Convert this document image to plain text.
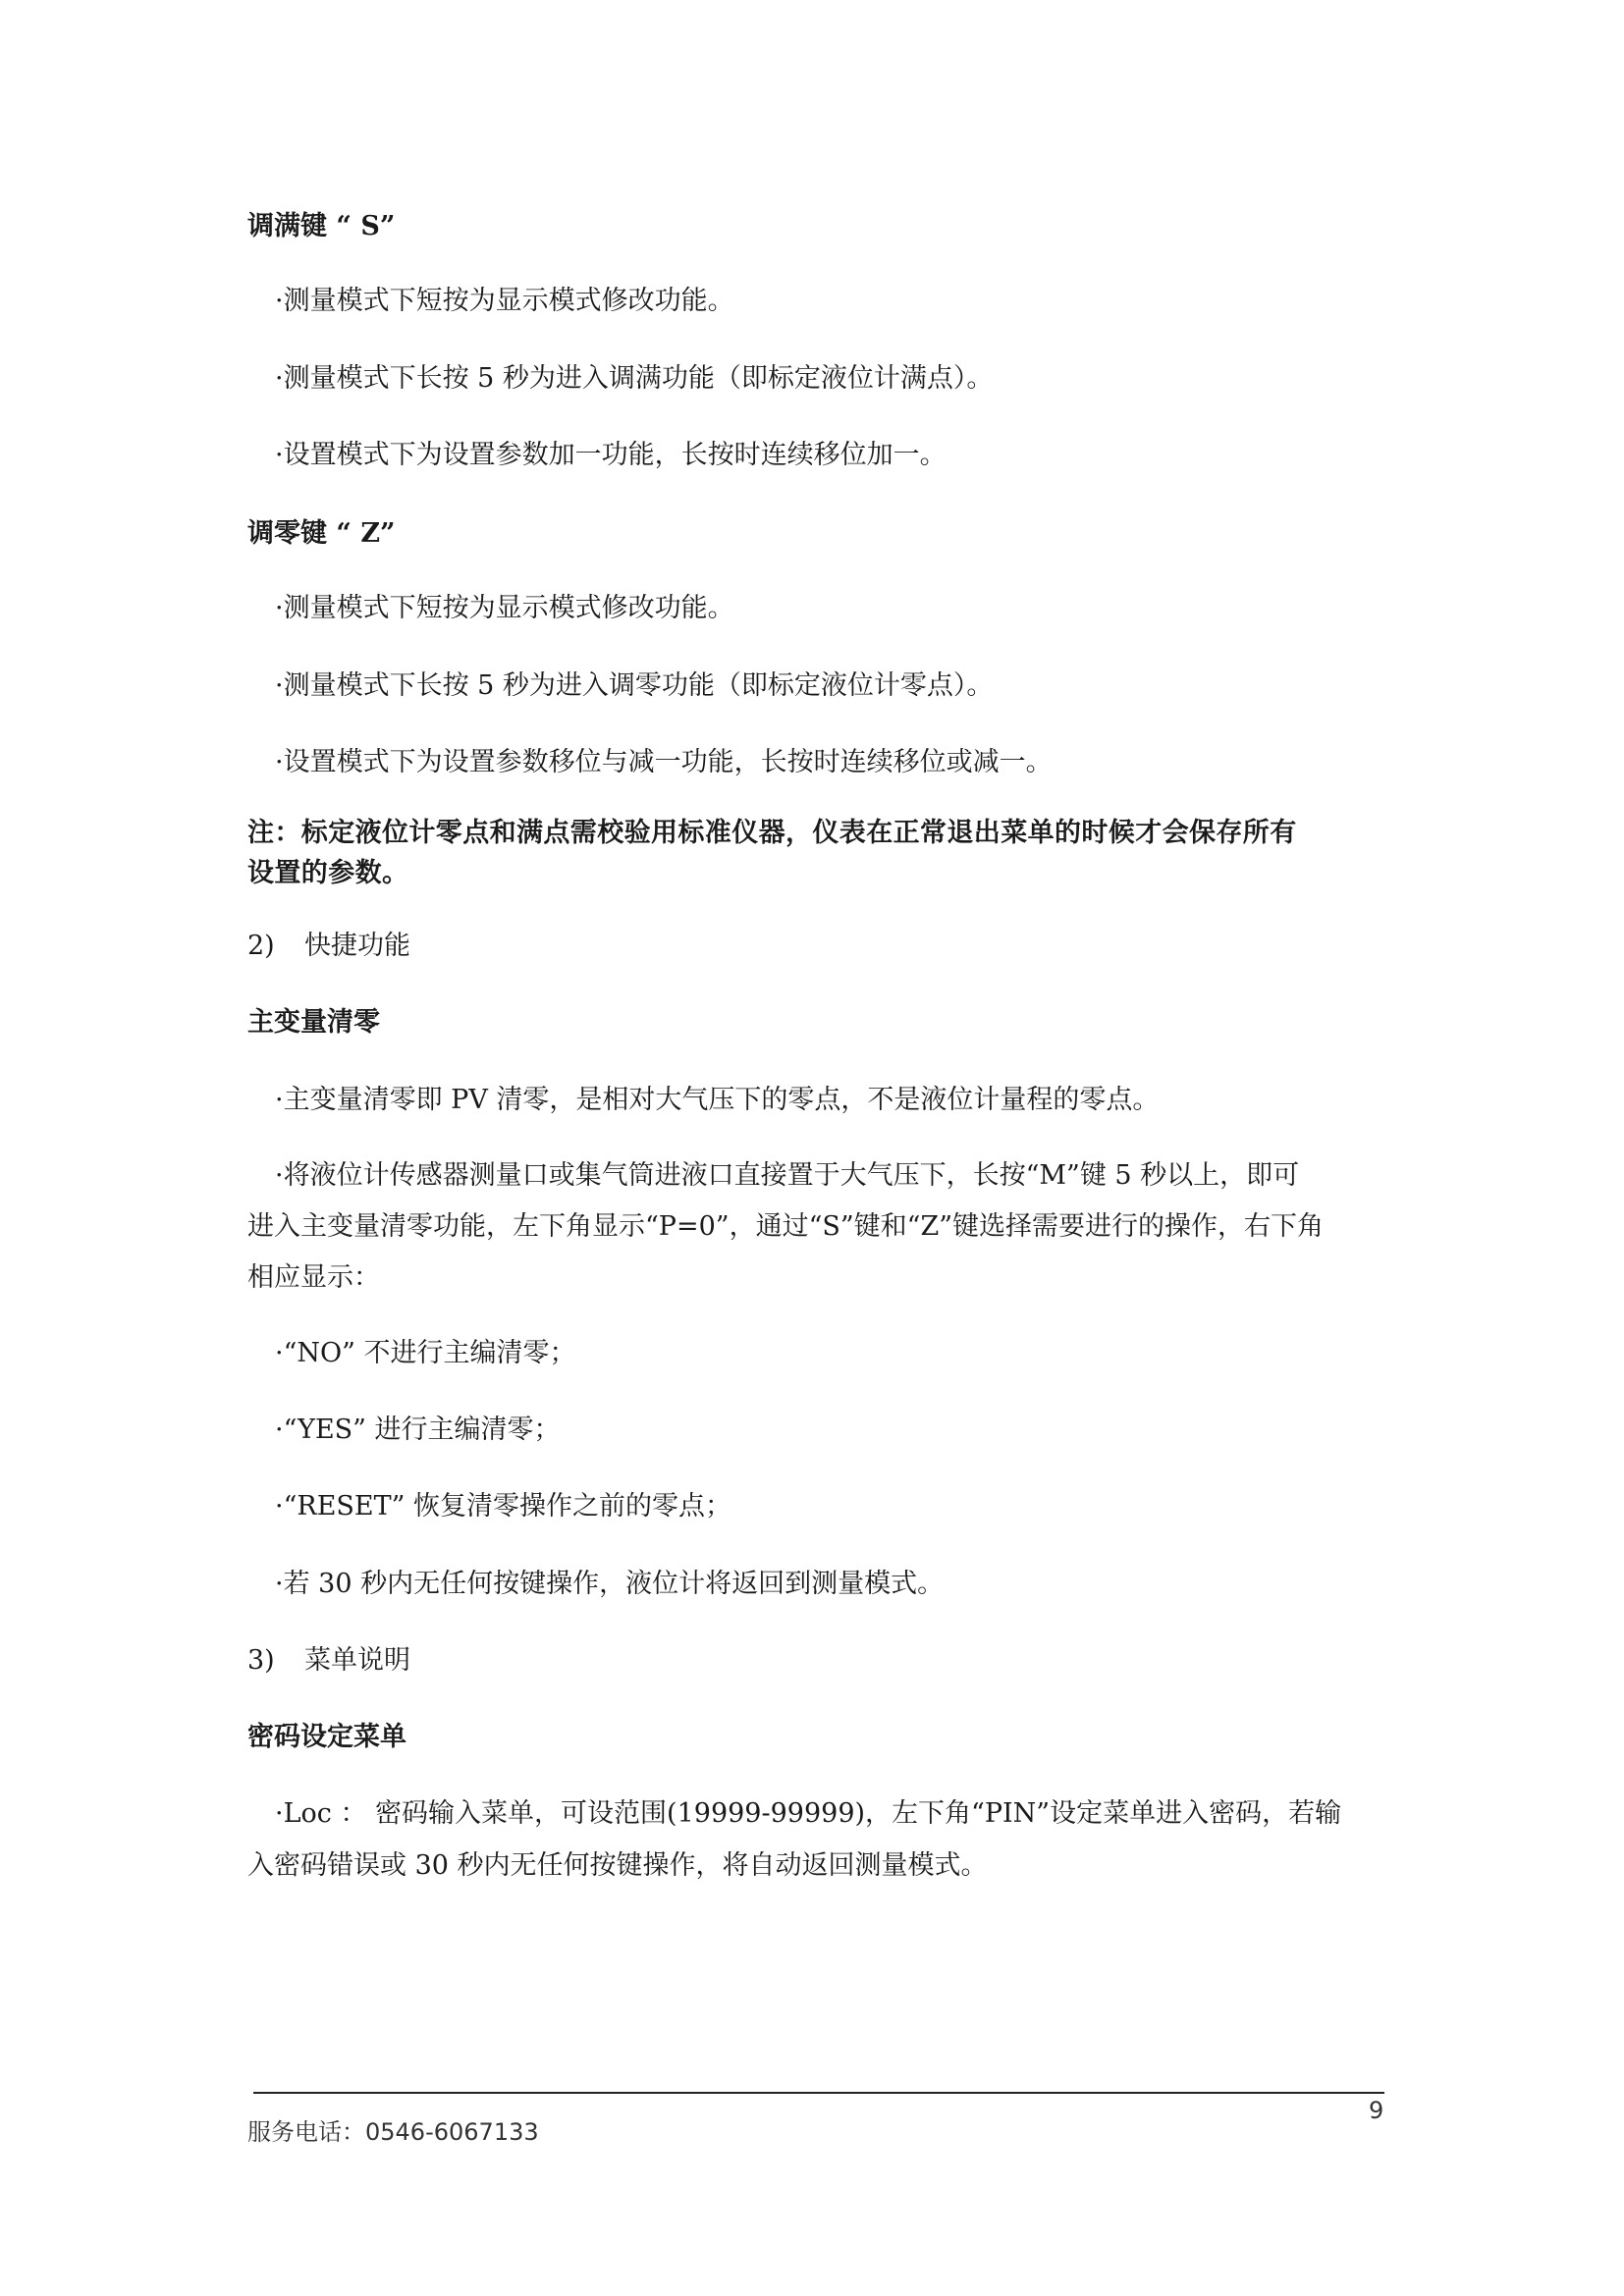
调满键 “ S”

·测量模式下短按为显示模式修改功能。

·测量模式下长按 5 秒为进入调满功能（即标定液位计满点）。

·设置模式下为设置参数加一功能，长按时连续移位加一。

调零键 “ Z”

·测量模式下短按为显示模式修改功能。

·测量模式下长按 5 秒为进入调零功能（即标定液位计零点）。

·设置模式下为设置参数移位与减一功能，长按时连续移位或减一。

注：标定液位计零点和满点需校验用标准仪器，仪表在正常退出菜单的时候才会保存所有

设置的参数。

2) 快捷功能

主变量清零

·主变量清零即 PV 清零，是相对大气压下的零点，不是液位计量程的零点。

·将液位计传感器测量口或集气筒进液口直接置于大气压下，长按“M”键 5 秒以上，即可

进入主变量清零功能，左下角显示“P=0”，通过“S”键和“Z”键选择需要进行的操作，右下角

相应显示：

·“NO” 不进行主编清零；

·“YES” 进行主编清零；

·“RESET” 恢复清零操作之前的零点；

·若 30 秒内无任何按键操作，液位计将返回到测量模式。

3) 菜单说明

密码设定菜单

·Loc ： 密码输入菜单，可设范围(19999-99999)，左下角“PIN”设定菜单进入密码，若输

入密码错误或 30 秒内无任何按键操作，将自动返回测量模式。

9
服务电话：0546-6067133
